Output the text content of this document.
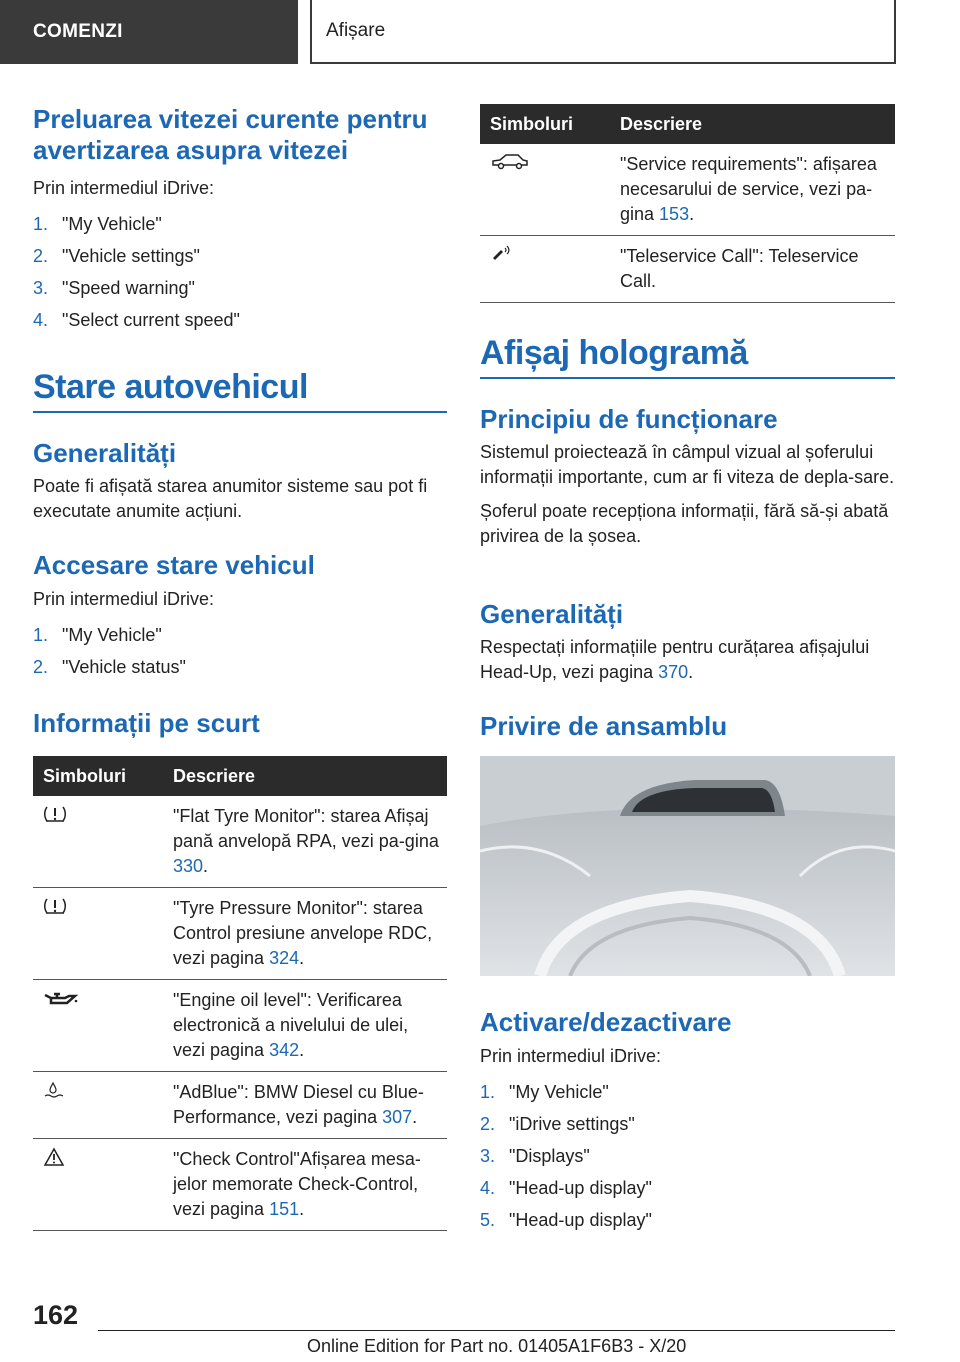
COMENZI	Afișare
Preluarea vitezei curente pentru
avertizarea asupra vitezei

Prin intermediul iDrive:

1. "My Vehicle"
2. "Vehicle settings"
3. "Speed warning"
4. "Select current speed"
Stare autovehicul
Generalități

Poate fi afișată starea anumitor sisteme sau pot fi executate anumite acțiuni.

Accesare stare vehicul

Prin intermediul iDrive:

1. "My Vehicle"
2. "Vehicle status"
Informații pe scurt
Simboluri	Descriere
	"Flat Tyre Monitor": starea Afișaj pană anvelopă RPA, vezi pa-gina 330.
	"Tyre Pressure Monitor": starea Control presiune anvelope RDC, vezi pagina 324.
	"Engine oil level": Verificarea electronică a nivelului de ulei, vezi pagina 342.
	"AdBlue": BMW Diesel cu Blue-Performance, vezi pagina 307.
	"Check Control"Afișarea mesa-jelor memorate Check-Control, vezi pagina 151.
Simboluri	Descriere
	"Service requirements": afișarea necesarului de service, vezi pa-gina 153.
	"Teleservice Call": Teleservice Call.
Afișaj hologramă
Principiu de funcționare

Sistemul proiectează în câmpul vizual al șoferului informații importante, cum ar fi viteza de depla-sare.

Șoferul poate recepționa informații, fără să-și abată privirea de la șosea.

Generalități

Respectați informațiile pentru curățarea afișajului Head-Up, vezi pagina 370.

Privire de ansamblu
Activare/dezactivare

Prin intermediul iDrive:

1. "My Vehicle"
2. "iDrive settings"
3. "Displays"
4. "Head-up display"
5. "Head-up display"
162
Online Edition for Part no. 01405A1F6B3 - X/20
